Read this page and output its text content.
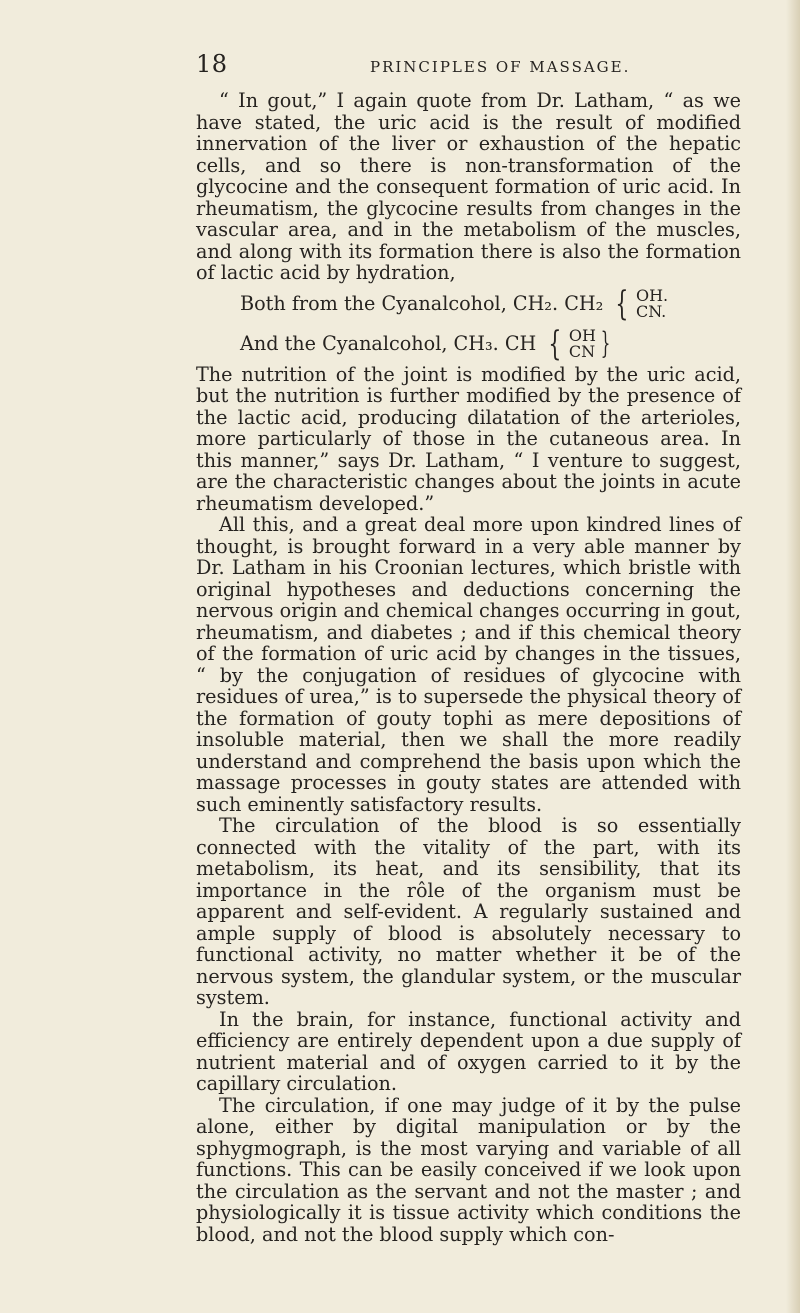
18	PRINCIPLES OF MASSAGE.

“ In gout,” I again quote from Dr. Latham, “ as we have stated, the uric acid is the result of modified innervation of the liver or exhaustion of the hepatic cells, and so there is non-transformation of the glycocine and the consequent formation of uric acid. In rheumatism, the glycocine results from changes in the vascular area, and in the metabolism of the muscles, and along with its formation there is also the formation of lactic acid by hydration,

Both from the Cyanalcohol, CH₂. CH₂ { OH.
CN.
And the Cyanalcohol, CH₃. CH { OH
CN }

The nutrition of the joint is modified by the uric acid, but the nutrition is further modified by the presence of the lactic acid, producing dilatation of the arterioles, more particularly of those in the cutaneous area. In this manner,” says Dr. Latham, “ I venture to suggest, are the characteristic changes about the joints in acute rheumatism developed.”

All this, and a great deal more upon kindred lines of thought, is brought forward in a very able manner by Dr. Latham in his Croonian lectures, which bristle with original hypotheses and deductions concerning the nervous origin and chemical changes occurring in gout, rheumatism, and diabetes ; and if this chemical theory of the formation of uric acid by changes in the tissues, “ by the conjugation of residues of glycocine with residues of urea,” is to supersede the physical theory of the formation of gouty tophi as mere depositions of insoluble material, then we shall the more readily understand and comprehend the basis upon which the massage processes in gouty states are attended with such eminently satisfactory results.

The circulation of the blood is so essentially connected with the vitality of the part, with its metabolism, its heat, and its sensibility, that its importance in the rôle of the organism must be apparent and self-evident. A regularly sustained and ample supply of blood is absolutely necessary to functional activity, no matter whether it be of the nervous system, the glandular system, or the muscular system.

In the brain, for instance, functional activity and efficiency are entirely dependent upon a due supply of nutrient material and of oxygen carried to it by the capillary circulation.

The circulation, if one may judge of it by the pulse alone, either by digital manipulation or by the sphygmograph, is the most varying and variable of all functions. This can be easily conceived if we look upon the circulation as the servant and not the master ; and physiologically it is tissue activity which conditions the blood, and not the blood supply which con-
